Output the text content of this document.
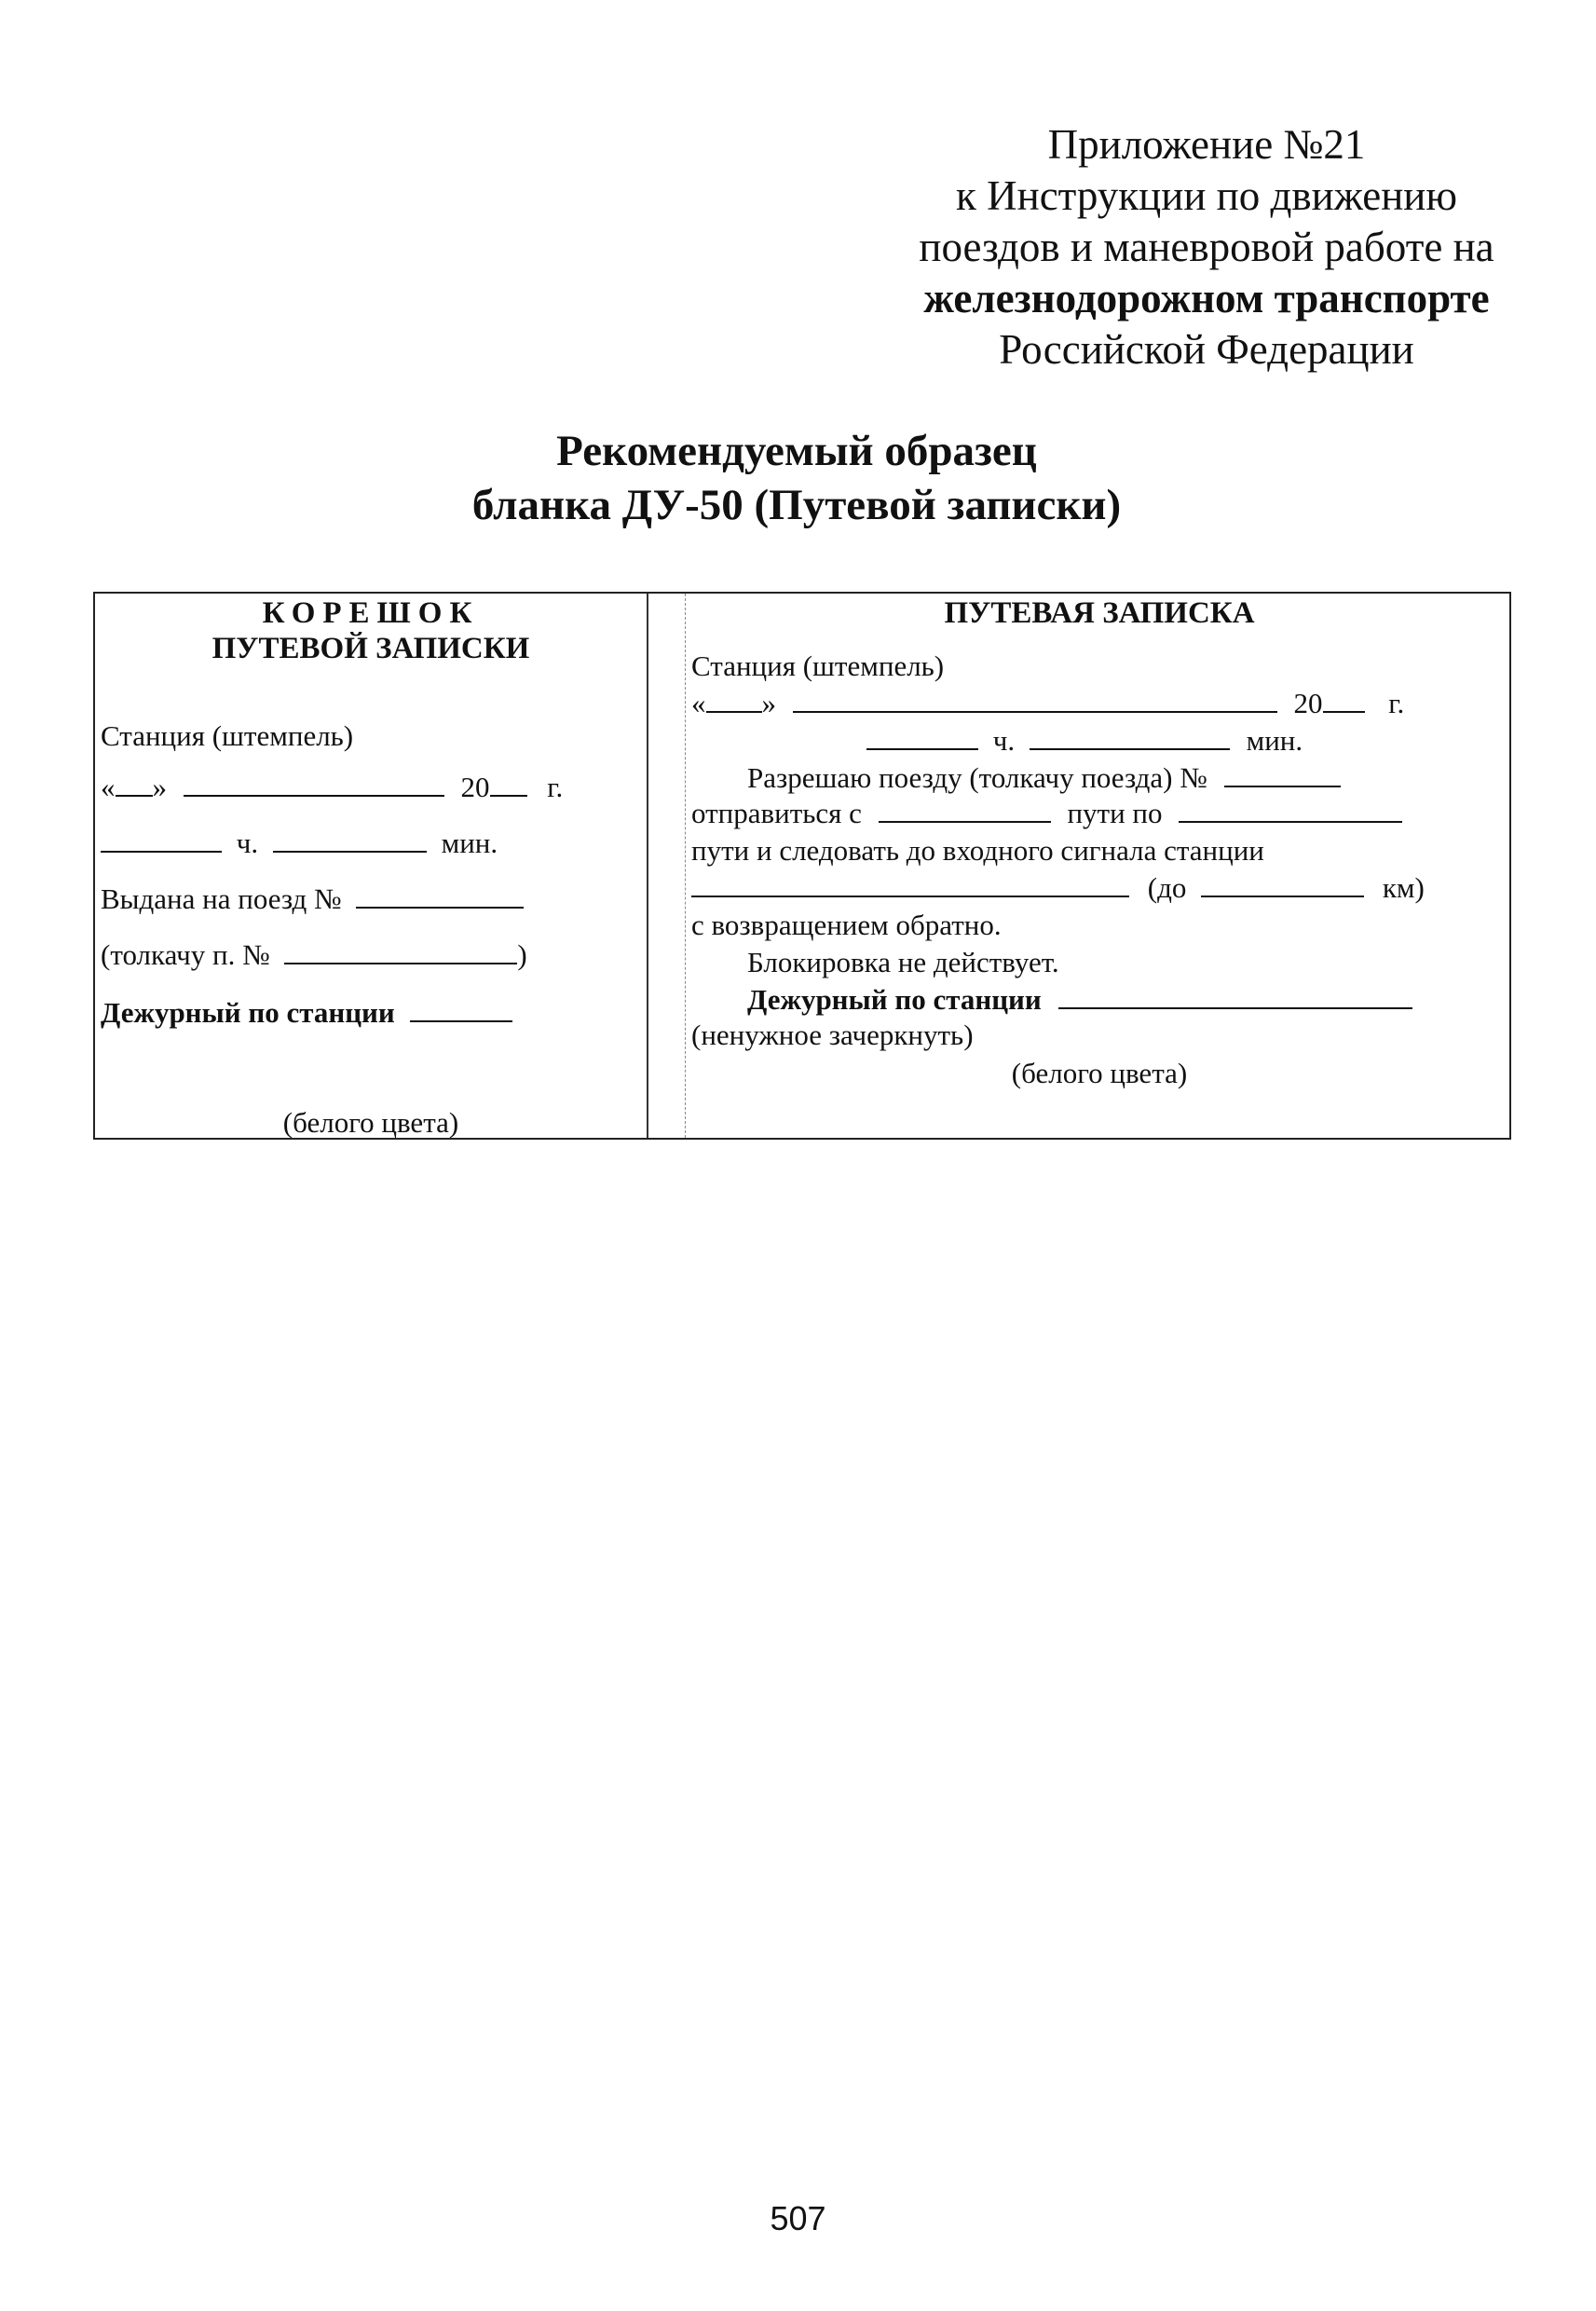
Приложение №21
к Инструкции по движению
поездов и маневровой работе на
железнодорожном транспорте
Российской Федерации
Рекомендуемый образец
бланка ДУ-50 (Путевой записки)
КОРЕШОК
ПУТЕВОЙ ЗАПИСКИ
Станция (штемпель)
« »	20 г.
ч.	мин.
Выдана на поезд №
(толкачу п. №	)
Дежурный по станции
(белого цвета)
ПУТЕВАЯ ЗАПИСКА
Станция (штемпель)
« »	20 г.
ч.	мин.
Разрешаю поезду (толкачу поезда) №
отправиться с	пути по
пути и следовать до входного сигнала станции
(до	км)
с возвращением обратно.
Блокировка не действует.
Дежурный по станции
(ненужное зачеркнуть)
(белого цвета)
507
